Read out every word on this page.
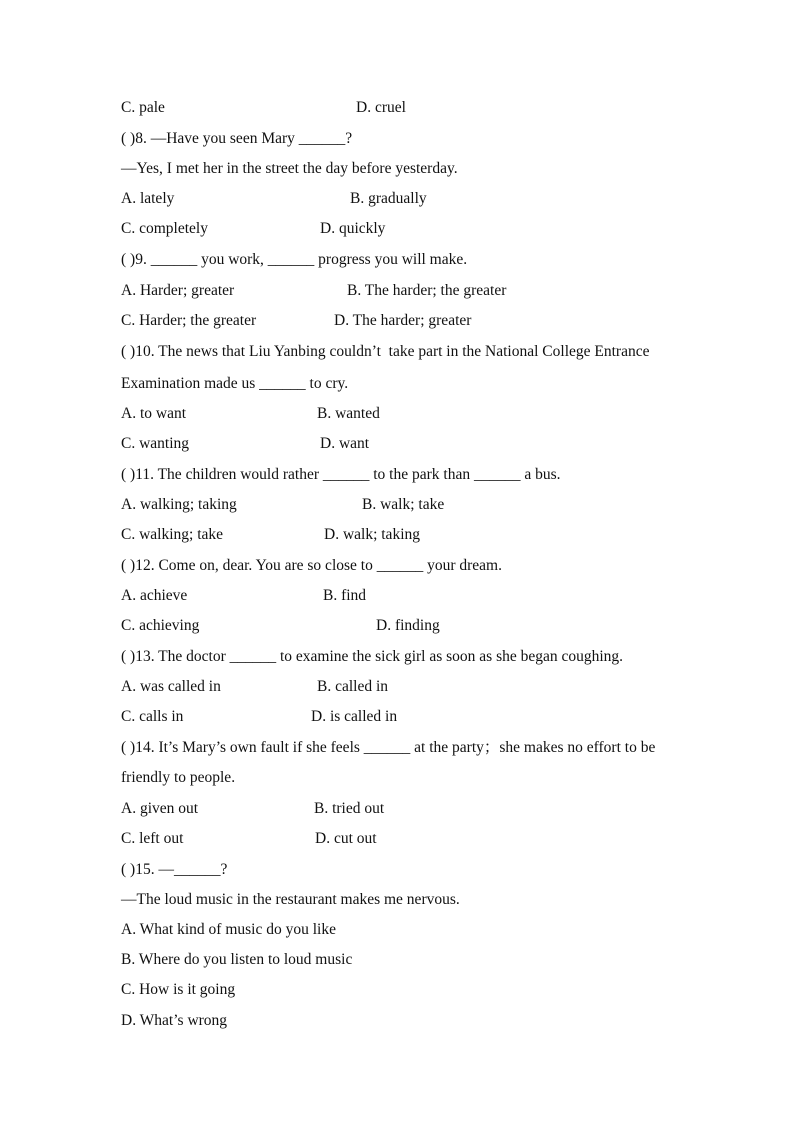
C. pale	D. cruel
( )8. —Have you seen Mary ______?
—Yes, I met her in the street the day before yesterday.
A. lately	B. gradually
C. completely	D. quickly
( )9. ______ you work, ______ progress you will make.
A. Harder; greater	B. The harder; the greater
C. Harder; the greater	D. The harder; greater
( )10. The news that Liu Yanbing couldn’t  take part in the National College Entrance
Examination made us ______ to cry.
A. to want	B. wanted
C. wanting	D. want
( )11. The children would rather ______ to the park than ______ a bus.
A. walking; taking	B. walk; take
C. walking; take	D. walk; taking
( )12. Come on, dear. You are so close to ______ your dream.
A. achieve	B. find
C. achieving	D. finding
( )13. The doctor ______ to examine the sick girl as soon as she began coughing.
A. was called in	B. called in
C. calls in	D. is called in
( )14. It’s Mary’s own fault if she feels ______ at the party；she makes no effort to be
friendly to people.
A. given out	B. tried out
C. left out	D. cut out
( )15. —______?
—The loud music in the restaurant makes me nervous.
A. What kind of music do you like
B. Where do you listen to loud music
C. How is it going
D. What’s wrong
